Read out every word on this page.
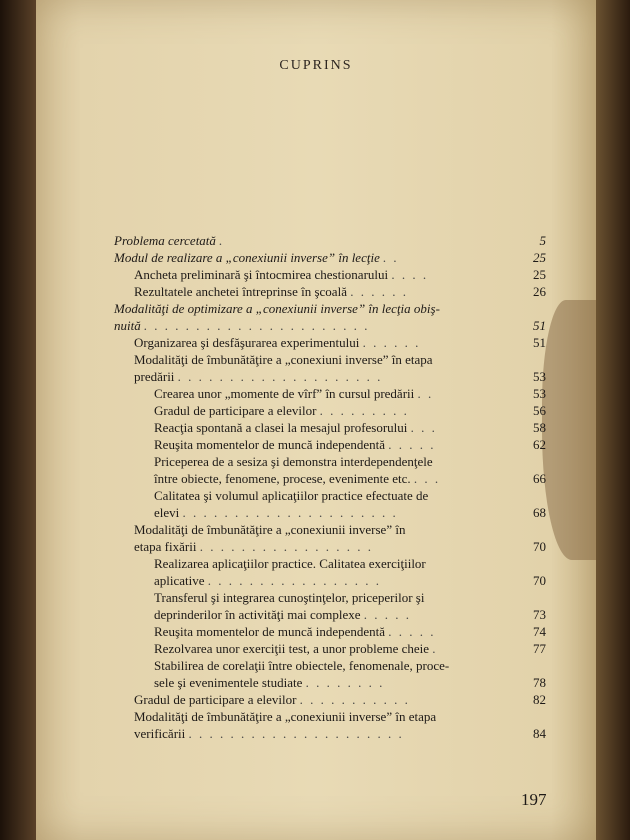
CUPRINS
Problema cercetată .	5
Modul de realizare a „conexiunii inverse” în lecţie . .	25
Ancheta preliminară şi întocmirea chestionarului . . . .	25
Rezultatele anchetei întreprinse în şcoală . . . . . .	26
Modalităţi de optimizare a „conexiunii inverse” în lecţia obiş-
nuită . . . . . . . . . . . . . . . . . . . . . .	51
Organizarea şi desfăşurarea experimentului . . . . . .	51
Modalităţi de îmbunătăţire a „conexiuni inverse” în etapa
predării . . . . . . . . . . . . . . . . . . . .	53
Crearea unor „momente de vîrf” în cursul predării . .	53
Gradul de participare a elevilor . . . . . . . . .	56
Reacţia spontană a clasei la mesajul profesorului . . .	58
Reuşita momentelor de muncă independentă . . . . .	62
Priceperea de a sesiza şi demonstra interdependenţele
între obiecte, fenomene, procese, evenimente etc. . . .	66
Calitatea şi volumul aplicaţiilor practice efectuate de
elevi . . . . . . . . . . . . . . . . . . . . .	68
Modalităţi de îmbunătăţire a „conexiunii inverse” în
etapa fixării . . . . . . . . . . . . . . . . .	70
Realizarea aplicaţiilor practice. Calitatea exerciţiilor
aplicative . . . . . . . . . . . . . . . . .	70
Transferul şi integrarea cunoştinţelor, priceperilor şi
deprinderilor în activităţi mai complexe . . . . .	73
Reuşita momentelor de muncă independentă . . . . .	74
Rezolvarea unor exerciţii test, a unor probleme cheie .	77
Stabilirea de corelaţii între obiectele, fenomenale, proce-
sele şi evenimentele studiate . . . . . . . .	78
Gradul de participare a elevilor . . . . . . . . . . .	82
Modalităţi de îmbunătăţire a „conexiunii inverse” în etapa
verificării . . . . . . . . . . . . . . . . . . . . .	84
197
